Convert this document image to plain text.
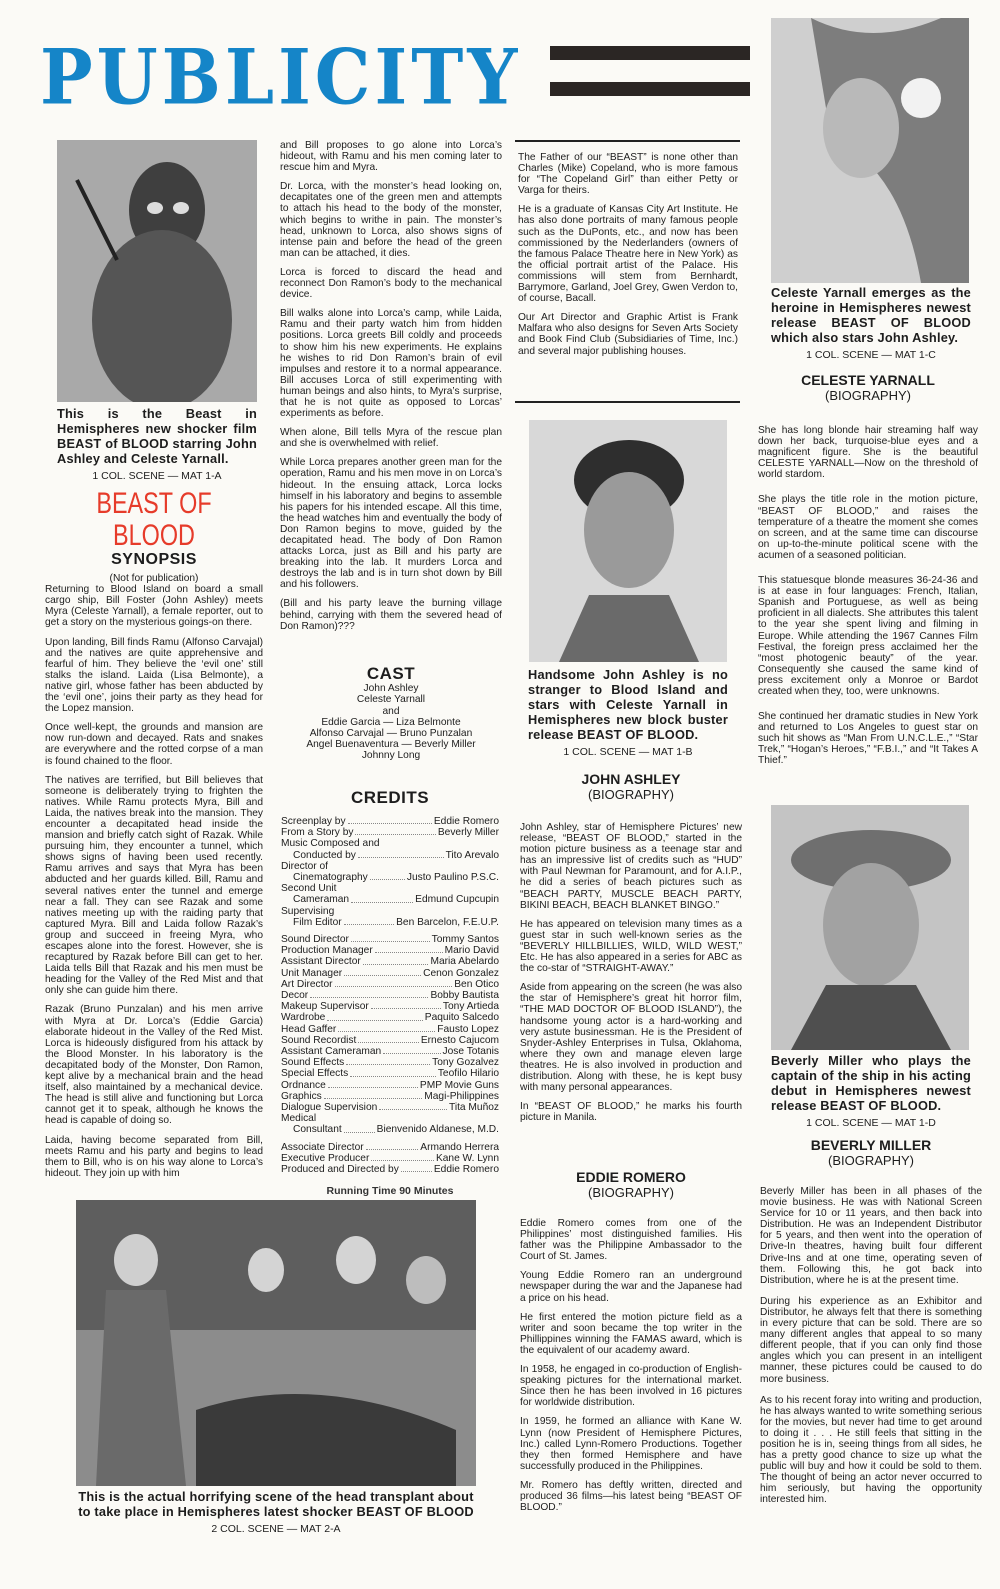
PUBLICITY
This is the Beast in Hemispheres new shocker film BEAST of BLOOD starring John Ashley and Celeste Yarnall.
1 COL. SCENE — MAT 1-A
BEAST OF BLOOD
SYNOPSIS
(Not for publication)

Returning to Blood Island on board a small cargo ship, Bill Foster (John Ashley) meets Myra (Celeste Yarnall), a female reporter, out to get a story on the mysterious goings-on there.

Upon landing, Bill finds Ramu (Alfonso Carvajal) and the natives are quite apprehensive and fearful of him. They believe the ‘evil one’ still stalks the island. Laida (Lisa Belmonte), a native girl, whose father has been abducted by the ‘evil one’, joins their party as they head for the Lopez mansion.

Once well-kept, the grounds and mansion are now run-down and decayed. Rats and snakes are everywhere and the rotted corpse of a man is found chained to the floor.

The natives are terrified, but Bill believes that someone is deliberately trying to frighten the natives. While Ramu protects Myra, Bill and Laida, the natives break into the mansion. They encounter a decapitated head inside the mansion and briefly catch sight of Razak. While pursuing him, they encounter a tunnel, which shows signs of having been used recently. Ramu arrives and says that Myra has been abducted and her guards killed. Bill, Ramu and several natives enter the tunnel and emerge near a fall. They can see Razak and some natives meeting up with the raiding party that captured Myra. Bill and Laida follow Razak’s group and succeed in freeing Myra, who escapes alone into the forest. However, she is recaptured by Razak before Bill can get to her. Laida tells Bill that Razak and his men must be heading for the Valley of the Red Mist and that only she can guide him there.

Razak (Bruno Punzalan) and his men arrive with Myra at Dr. Lorca’s (Eddie Garcia) elaborate hideout in the Valley of the Red Mist. Lorca is hideously disfigured from his attack by the Blood Monster. In his laboratory is the decapitated body of the Monster, Don Ramon, kept alive by a mechanical brain and the head itself, also maintained by a mechanical device. The head is still alive and functioning but Lorca cannot get it to speak, although he knows the head is capable of doing so.

Laida, having become separated from Bill, meets Ramu and his party and begins to lead them to Bill, who is on his way alone to Lorca’s hideout. They join up with him

and Bill proposes to go alone into Lorca’s hideout, with Ramu and his men coming later to rescue him and Myra.

Dr. Lorca, with the monster’s head looking on, decapitates one of the green men and attempts to attach his head to the body of the monster, which begins to writhe in pain. The monster’s head, unknown to Lorca, also shows signs of intense pain and before the head of the green man can be attached, it dies.

Lorca is forced to discard the head and reconnect Don Ramon’s body to the mechanical device.

Bill walks alone into Lorca’s camp, while Laida, Ramu and their party watch him from hidden positions. Lorca greets Bill coldly and proceeds to show him his new experiments. He explains he wishes to rid Don Ramon’s brain of evil impulses and restore it to a normal appearance. Bill accuses Lorca of still experimenting with human beings and also hints, to Myra’s surprise, that he is not quite as opposed to Lorcas’ experiments as before.

When alone, Bill tells Myra of the rescue plan and she is overwhelmed with relief.

While Lorca prepares another green man for the operation, Ramu and his men move in on Lorca’s hideout. In the ensuing attack, Lorca locks himself in his laboratory and begins to assemble his papers for his intended escape. All this time, the head watches him and eventually the body of Don Ramon begins to move, guided by the decapitated head. The body of Don Ramon attacks Lorca, just as Bill and his party are breaking into the lab. It murders Lorca and destroys the lab and is in turn shot down by Bill and his followers.

(Bill and his party leave the burning village behind, carrying with them the severed head of Don Ramon)???

CAST
John Ashley
Celeste Yarnall
and
Eddie Garcia — Liza Belmonte
Alfonso Carvajal — Bruno Punzalan
Angel Buenaventura — Beverly Miller
Johnny Long
CREDITS
Screenplay by	Eddie Romero
From a Story by	Beverly Miller
Music Composed and
Conducted by	Tito Arevalo
Director of
Cinematography	Justo Paulino P.S.C.
Second Unit
Cameraman	Edmund Cupcupin
Supervising
Film Editor	Ben Barcelon, F.E.U.P.
Sound Director	Tommy Santos
Production Manager	Mario David
Assistant Director	Maria Abelardo
Unit Manager	Cenon Gonzalez
Art Director	Ben Otico
Decor	Bobby Bautista
Makeup Supervisor	Tony Artieda
Wardrobe	Paquito Salcedo
Head Gaffer	Fausto Lopez
Sound Recordist	Ernesto Cajucom
Assistant Cameraman	Jose Totanis
Sound Effects	Tony Gozalvez
Special Effects	Teofilo Hilario
Ordnance	PMP Movie Guns
Graphics	Magi-Philippines
Dialogue Supervision	Tita Muñoz
Medical
Consultant	Bienvenido Aldanese, M.D.
Associate Director	Armando Herrera
Executive Producer	Kane W. Lynn
Produced and Directed by	Eddie Romero
Running Time 90 Minutes

The Father of our “BEAST” is none other than Charles (Mike) Copeland, who is more famous for “The Copeland Girl” than either Petty or Varga for theirs.

He is a graduate of Kansas City Art Institute. He has also done portraits of many famous people such as the DuPonts, etc., and now has been commissioned by the Nederlanders (owners of the famous Palace Theatre here in New York) as the official portrait artist of the Palace. His commissions will stem from Bernhardt, Barrymore, Garland, Joel Grey, Gwen Verdon to, of course, Bacall.

Our Art Director and Graphic Artist is Frank Malfara who also designs for Seven Arts Society and Book Find Club (Subsidiaries of Time, Inc.) and several major publishing houses.

Handsome John Ashley is no stranger to Blood Island and stars with Celeste Yarnall in Hemispheres new block buster release BEAST OF BLOOD.
1 COL. SCENE — MAT 1-B
JOHN ASHLEY
(BIOGRAPHY)

John Ashley, star of Hemisphere Pictures’ new release, “BEAST OF BLOOD,” started in the motion picture business as a teenage star and has an impressive list of credits such as “HUD” with Paul Newman for Paramount, and for A.I.P., he did a series of beach pictures such as “BEACH PARTY, MUSCLE BEACH PARTY, BIKINI BEACH, BEACH BLANKET BINGO.”

He has appeared on television many times as a guest star in such well-known series as the “BEVERLY HILLBILLIES, WILD, WILD WEST,” Etc. He has also appeared in a series for ABC as the co-star of “STRAIGHT-AWAY.”

Aside from appearing on the screen (he was also the star of Hemisphere’s great hit horror film, “THE MAD DOCTOR OF BLOOD ISLAND”), the handsome young actor is a hard-working and very astute businessman. He is the President of Snyder-Ashley Enterprises in Tulsa, Oklahoma, where they own and manage eleven large theatres. He is also involved in production and distribution. Along with these, he is kept busy with many personal appearances.

In “BEAST OF BLOOD,” he marks his fourth picture in Manila.

EDDIE ROMERO
(BIOGRAPHY)

Eddie Romero comes from one of the Philippines’ most distinguished families. His father was the Philippine Ambassador to the Court of St. James.

Young Eddie Romero ran an underground newspaper during the war and the Japanese had a price on his head.

He first entered the motion picture field as a writer and soon became the top writer in the Phillippines winning the FAMAS award, which is the equivalent of our academy award.

In 1958, he engaged in co-production of English-speaking pictures for the international market. Since then he has been involved in 16 pictures for worldwide distribution.

In 1959, he formed an alliance with Kane W. Lynn (now President of Hemisphere Pictures, Inc.) called Lynn-Romero Productions. Together they then formed Hemisphere and have successfully produced in the Philippines.

Mr. Romero has deftly written, directed and produced 36 films—his latest being “BEAST OF BLOOD.”

Celeste Yarnall emerges as the heroine in Hemispheres newest release BEAST OF BLOOD which also stars John Ashley.
1 COL. SCENE — MAT 1-C
CELESTE YARNALL
(BIOGRAPHY)

She has long blonde hair streaming half way down her back, turquoise-blue eyes and a magnificent figure. She is the beautiful CELESTE YARNALL—Now on the threshold of world stardom.

She plays the title role in the motion picture, “BEAST OF BLOOD,” and raises the temperature of a theatre the moment she comes on screen, and at the same time can discourse on up-to-the-minute political scene with the acumen of a seasoned politician.

This statuesque blonde measures 36-24-36 and is at ease in four languages: French, Italian, Spanish and Portuguese, as well as being proficient in all dialects. She attributes this talent to the year she spent living and filming in Europe. While attending the 1967 Cannes Film Festival, the foreign press acclaimed her the “most photogenic beauty” of the year. Consequently she caused the same kind of press excitement only a Monroe or Bardot created when they, too, were unknowns.

She continued her dramatic studies in New York and returned to Los Angeles to guest star on such hit shows as “Man From U.N.C.L.E.,” “Star Trek,” “Hogan’s Heroes,” “F.B.I.,” and “It Takes A Thief.”

Beverly Miller who plays the captain of the ship in his acting debut in Hemispheres newest release BEAST OF BLOOD.
1 COL. SCENE — MAT 1-D
BEVERLY MILLER
(BIOGRAPHY)

Beverly Miller has been in all phases of the movie business. He was with National Screen Service for 10 or 11 years, and then back into Distribution. He was an Independent Distributor for 5 years, and then went into the operation of Drive-In theatres, having built four different Drive-Ins and at one time, operating seven of them. Following this, he got back into Distribution, where he is at the present time.

During his experience as an Exhibitor and Distributor, he always felt that there is something in every picture that can be sold. There are so many different angles that appeal to so many different people, that if you can only find those angles which you can present in an intelligent manner, these pictures could be caused to do more business.

As to his recent foray into writing and production, he has always wanted to write something serious for the movies, but never had time to get around to doing it . . . He still feels that sitting in the position he is in, seeing things from all sides, he has a pretty good chance to size up what the public will buy and how it could be sold to them. The thought of being an actor never occurred to him seriously, but having the opportunity interested him.

This is the actual horrifying scene of the head transplant about to take place in Hemispheres latest shocker BEAST OF BLOOD
2 COL. SCENE — MAT 2-A
